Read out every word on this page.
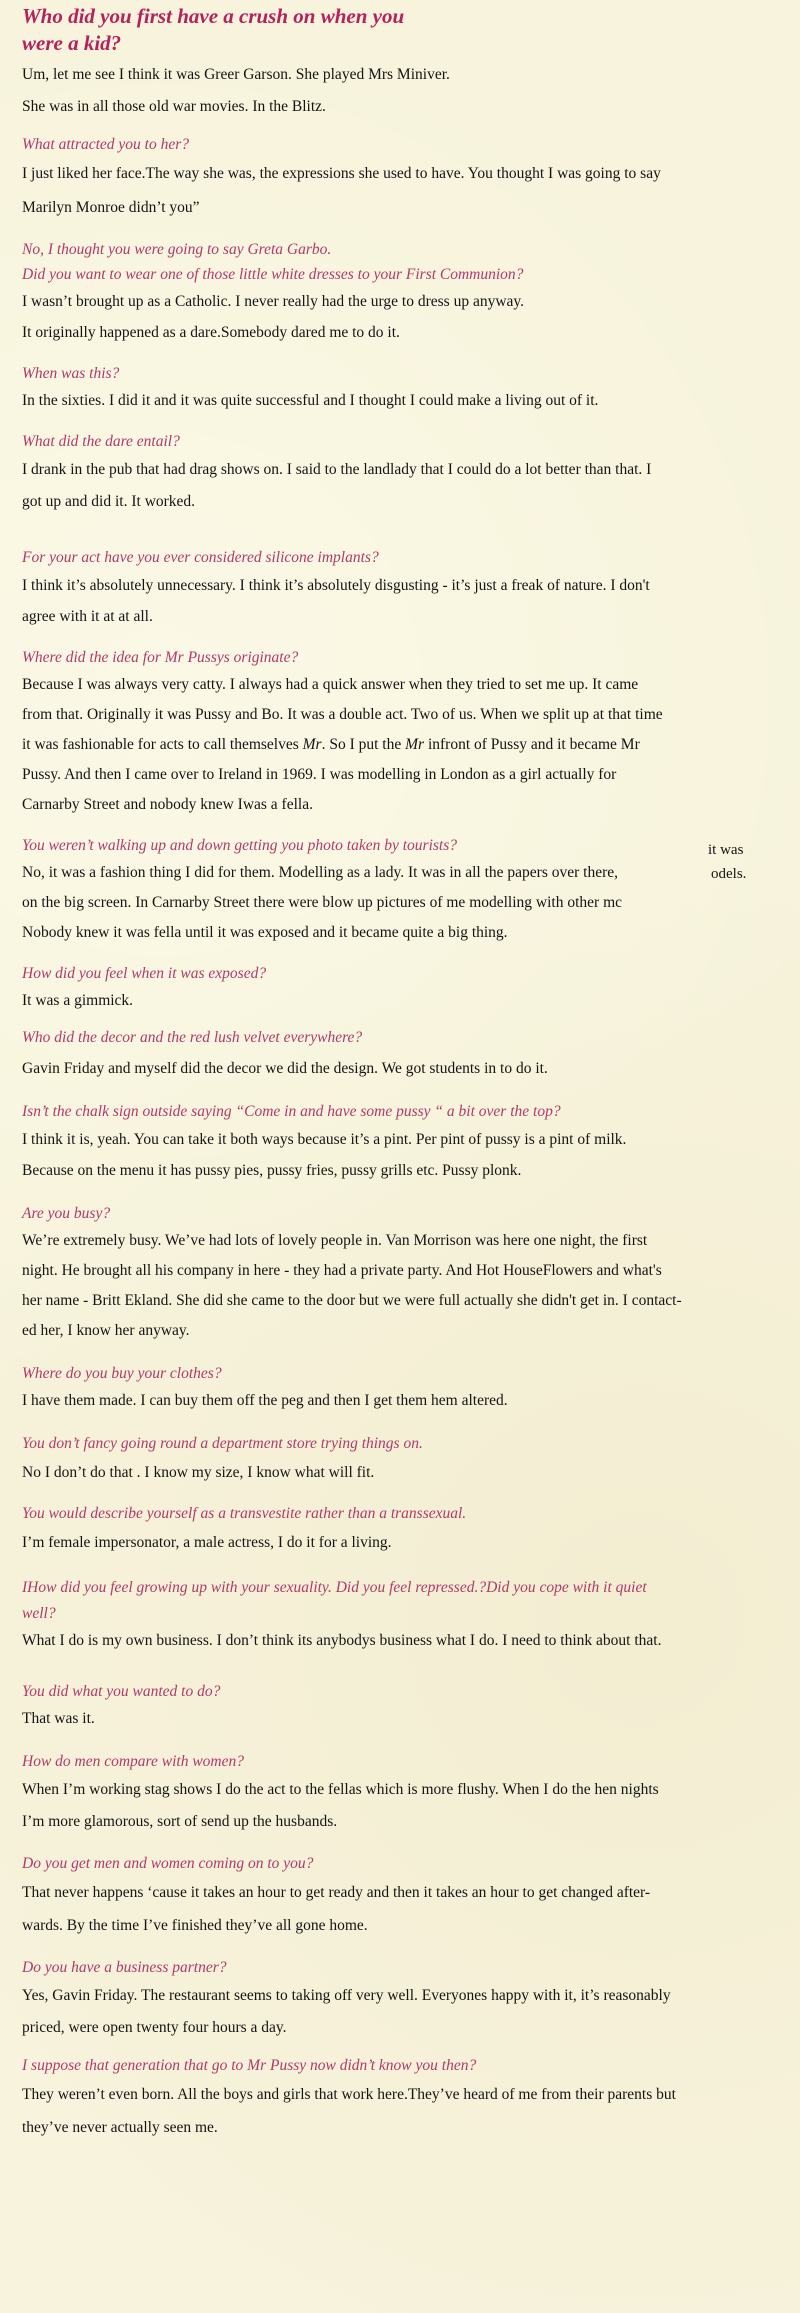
Who did you first have a crush on when you
were a kid?

Um, let me see I think it was Greer Garson. She played Mrs Miniver.

She was in all those old war movies. In the Blitz.

What attracted you to her?

I just liked her face.The way she was, the expressions she used to have. You thought I was going to say

Marilyn Monroe didn’t you”

No, I thought you were going to say Greta Garbo.

Did you want to wear one of those little white dresses to your First Communion?

I wasn’t brought up as a Catholic. I never really had the urge to dress up anyway.

It originally happened as a dare.Somebody dared me to do it.

When was this?

In the sixties. I did it and it was quite successful and I thought I could make a living out of it.

What did the dare entail?

I drank in the pub that had drag shows on. I said to the landlady that I could do a lot better than that. I

got up and did it. It worked.

For your act have you ever considered silicone implants?

I think it’s absolutely unnecessary. I think it’s absolutely disgusting - it’s just a freak of nature. I don't

agree with it at at all.

Where did the idea for Mr Pussys originate?

Because I was always very catty. I always had a quick answer when they tried to set me up. It came

from that. Originally it was Pussy and Bo. It was a double act. Two of us. When we split up at that time

it was fashionable for acts to call themselves Mr. So I put the Mr infront of Pussy and it became Mr

Pussy. And then I came over to Ireland in 1969. I was modelling in London as a girl actually for

Carnarby Street and nobody knew Iwas a fella.

You weren’t walking up and down getting you photo taken by tourists?	it was
odels.

No, it was a fashion thing I did for them. Modelling as a lady. It was in all the papers over there,

on the big screen. In Carnarby Street there were blow up pictures of me modelling with other mc

Nobody knew it was fella until it was exposed and it became quite a big thing.

How did you feel when it was exposed?

It was a gimmick.

Who did the decor and the red lush velvet everywhere?

Gavin Friday and myself did the decor we did the design. We got students in to do it.

Isn’t the chalk sign outside saying “Come in and have some pussy “ a bit over the top?

I think it is, yeah. You can take it both ways because it’s a pint. Per pint of pussy is a pint of milk.

Because on the menu it has pussy pies, pussy fries, pussy grills etc. Pussy plonk.

Are you busy?

We’re extremely busy. We’ve had lots of lovely people in. Van Morrison was here one night, the first

night. He brought all his company in here - they had a private party. And Hot HouseFlowers and what's

her name - Britt Ekland. She did she came to the door but we were full actually she didn't get in. I contact-

ed her, I know her anyway.

Where do you buy your clothes?

I have them made. I can buy them off the peg and then I get them hem altered.

You don’t fancy going round a department store trying things on.

No I don’t do that . I know my size, I know what will fit.

You would describe yourself as a transvestite rather than a transsexual.

I’m female impersonator, a male actress, I do it for a living.

IHow did you feel growing up with your sexuality. Did you feel repressed.?Did you cope with it quiet

well?

What I do is my own business. I don’t think its anybodys business what I do. I need to think about that.

You did what you wanted to do?

That was it.

How do men compare with women?

When I’m working stag shows I do the act to the fellas which is more flushy. When I do the hen nights

I’m more glamorous, sort of send up the husbands.

Do you get men and women coming on to you?

That never happens ‘cause it takes an hour to get ready and then it takes an hour to get changed after-

wards. By the time I’ve finished they’ve all gone home.

Do you have a business partner?

Yes, Gavin Friday. The restaurant seems to taking off very well. Everyones happy with it, it’s reasonably

priced, were open twenty four hours a day.

I suppose that generation that go to Mr Pussy now didn’t know you then?

They weren’t even born. All the boys and girls that work here.They’ve heard of me from their parents but

they’ve never actually seen me.
